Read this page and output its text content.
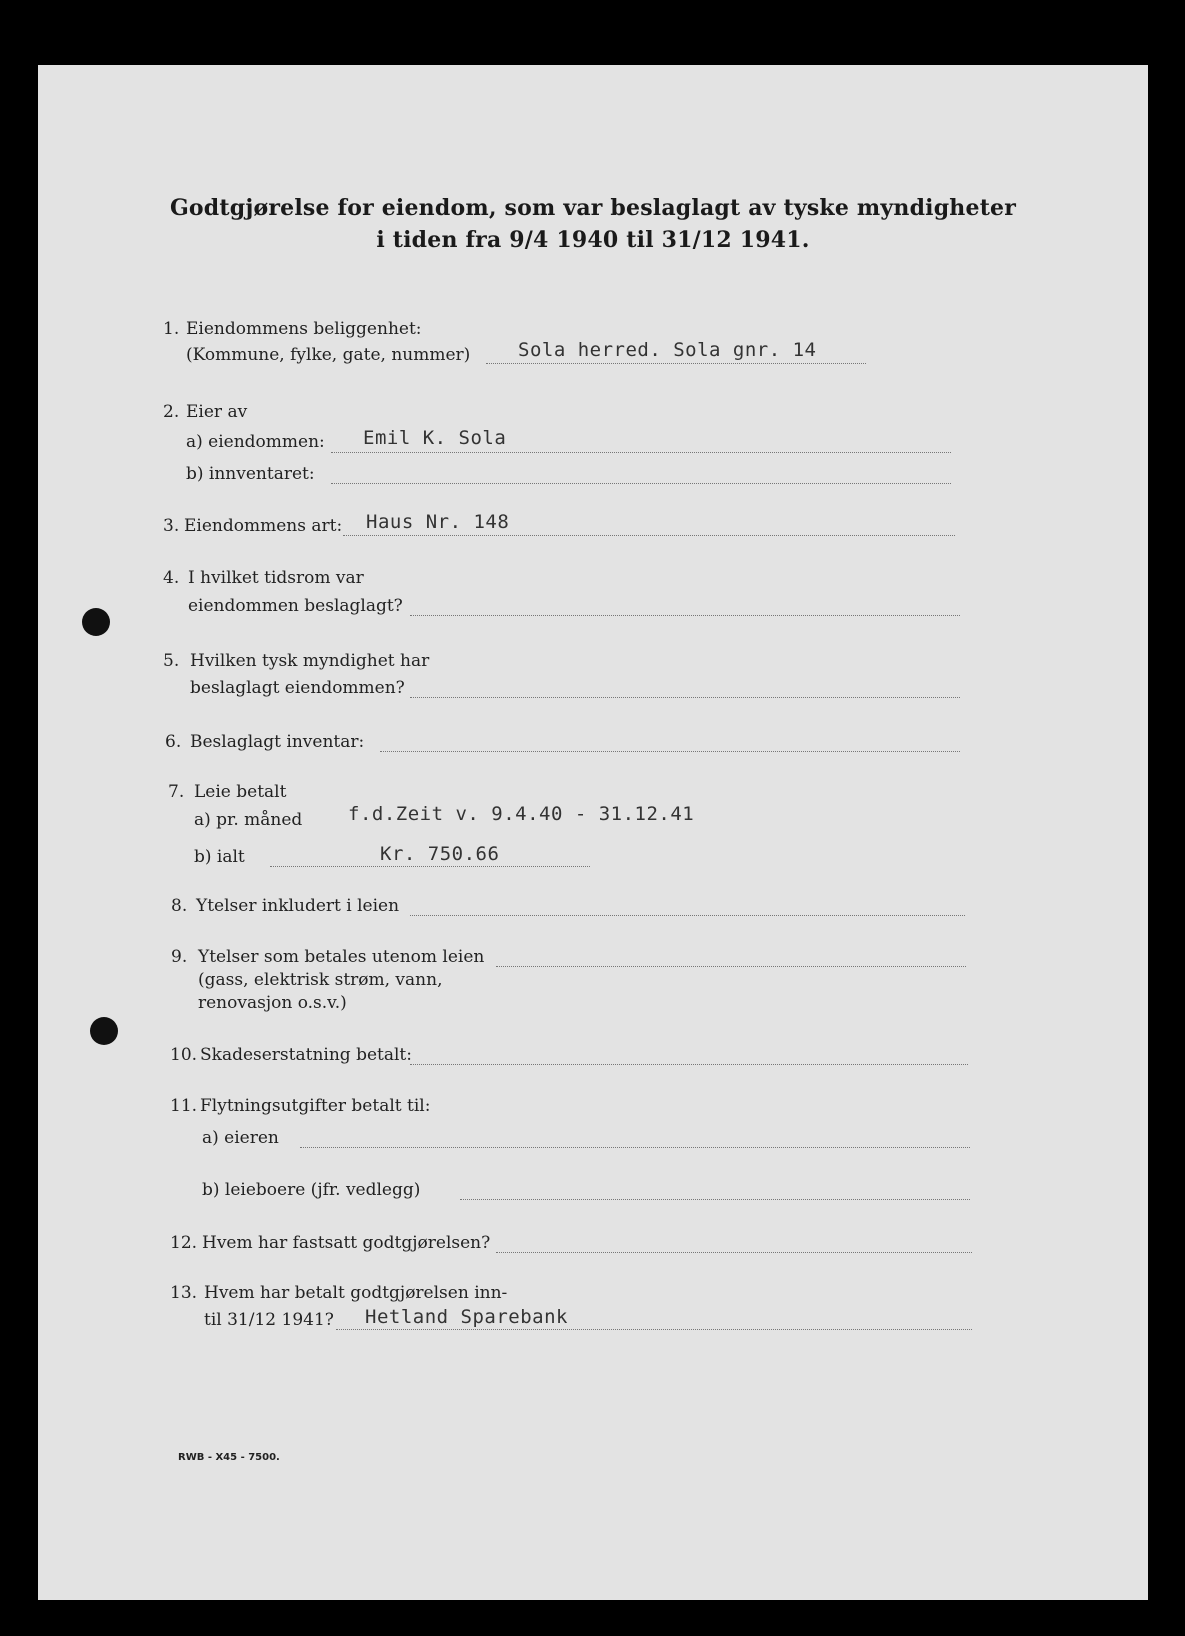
Godtgjørelse for eiendom, som var beslaglagt av tyske myndigheter
i tiden fra 9/4 1940 til 31/12 1941.
1. Eiendommens beliggenhet:
(Kommune, fylke, gate, nummer)	Sola herred. Sola gnr. 14
2. Eier av
a) eiendommen: Emil K. Sola
b) innventaret:
3. Eiendommens art: Haus Nr. 148
4. I hvilket tidsrom var
eiendommen beslaglagt?
5. Hvilken tysk myndighet har
beslaglagt eiendommen?
6. Beslaglagt inventar:
7. Leie betalt
a) pr. måned f.d.Zeit v. 9.4.40 - 31.12.41
b) ialt	Kr. 750.66
8. Ytelser inkludert i leien
9. Ytelser som betales utenom leien
(gass, elektrisk strøm, vann,
renovasjon o.s.v.)
10. Skadeserstatning betalt:
11. Flytningsutgifter betalt til:
a) eieren
b) leieboere (jfr. vedlegg)
12. Hvem har fastsatt godtgjørelsen?
13. Hvem har betalt godtgjørelsen inn-
til 31/12 1941? Hetland Sparebank
RWB - X45 - 7500.
